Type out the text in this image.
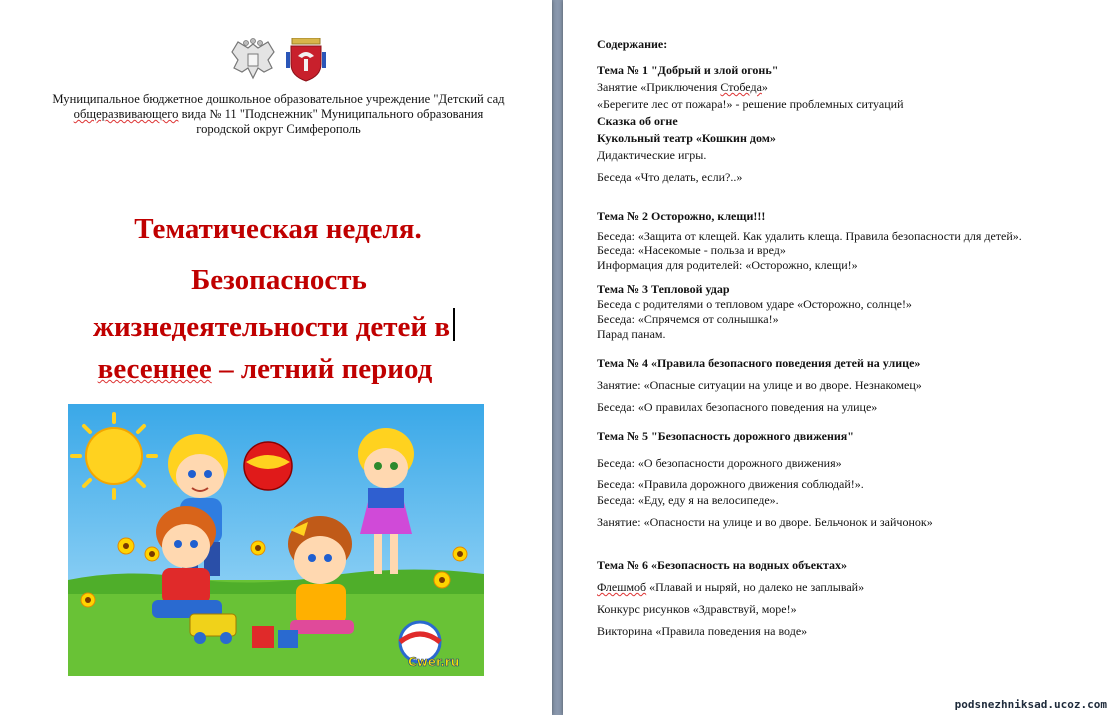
Муниципальное бюджетное дошкольное образовательное учреждение "Детский сад
общеразвивающего вида № 11 "Подснежник" Муниципального образования
городской округ Симферополь
Тематическая неделя.
Безопасность
жизнедеятельности детей в
весеннее – летний период
Cwer.ru
Содержание:
Тема № 1 "Добрый и злой огонь"
Занятие «Приключения Стобеда»
«Берегите лес от пожара!» - решение проблемных ситуаций
Сказка об огне
Кукольный театр «Кошкин дом»
Дидактические игры.
Беседа «Что делать, если?..»
Тема № 2 Осторожно, клещи!!!
Беседа: «Защита от клещей. Как удалить клеща. Правила безопасности для детей».
Беседа: «Насекомые - польза и вред»
Информация для родителей: «Осторожно, клещи!»
Тема № 3 Тепловой удар
Беседа с родителями о тепловом ударе «Осторожно, солнце!»
Беседа: «Спрячемся от солнышка!»
Парад панам.
Тема № 4 «Правила безопасного поведения детей на улице»
Занятие: «Опасные ситуации на улице и во дворе. Незнакомец»
Беседа: «О правилах безопасного поведения на улице»
Тема № 5 "Безопасность дорожного движения"
Беседа: «О безопасности дорожного движения»
Беседа: «Правила дорожного движения соблюдай!».
Беседа: «Еду, еду я на велосипеде».
Занятие: «Опасности на улице и во дворе. Бельчонок и зайчонок»
Тема № 6 «Безопасность на водных объектах»
Флешмоб «Плавай и ныряй, но далеко не заплывай»
Конкурс рисунков «Здравствуй, море!»
Викторина «Правила поведения на воде»
podsnezhniksad.ucoz.com
